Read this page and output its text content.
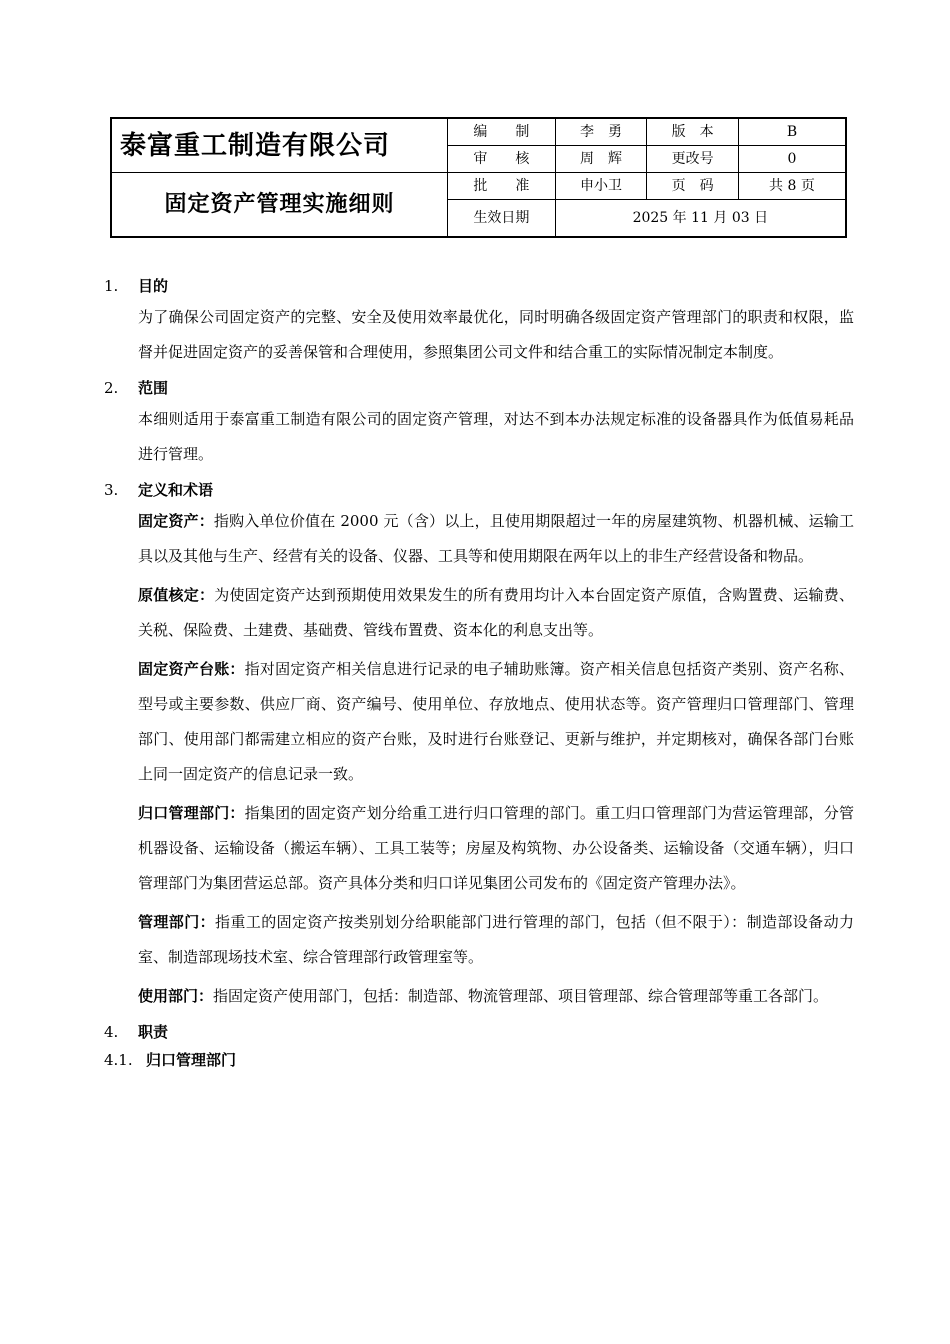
泰富重工制造有限公司	编　　制	李　勇	版　本	B
	审　　核	周　辉	更改号	0
固定资产管理实施细则	批　　准	申小卫	页　码	共 8 页
	生效日期	2025 年 11 月 03 日		
1. 目的
为了确保公司固定资产的完整、安全及使用效率最优化，同时明确各级固定资产管理部门的职责和权限，监督并促进固定资产的妥善保管和合理使用，参照集团公司文件和结合重工的实际情况制定本制度。
2. 范围
本细则适用于泰富重工制造有限公司的固定资产管理，对达不到本办法规定标准的设备器具作为低值易耗品进行管理。
3. 定义和术语
固定资产：指购入单位价值在 2000 元（含）以上，且使用期限超过一年的房屋建筑物、机器机械、运输工具以及其他与生产、经营有关的设备、仪器、工具等和使用期限在两年以上的非生产经营设备和物品。
原值核定：为使固定资产达到预期使用效果发生的所有费用均计入本台固定资产原值，含购置费、运输费、关税、保险费、土建费、基础费、管线布置费、资本化的利息支出等。
固定资产台账：指对固定资产相关信息进行记录的电子辅助账簿。资产相关信息包括资产类别、资产名称、型号或主要参数、供应厂商、资产编号、使用单位、存放地点、使用状态等。资产管理归口管理部门、管理部门、使用部门都需建立相应的资产台账，及时进行台账登记、更新与维护，并定期核对，确保各部门台账上同一固定资产的信息记录一致。
归口管理部门：指集团的固定资产划分给重工进行归口管理的部门。重工归口管理部门为营运管理部，分管机器设备、运输设备（搬运车辆）、工具工装等；房屋及构筑物、办公设备类、运输设备（交通车辆），归口管理部门为集团营运总部。资产具体分类和归口详见集团公司发布的《固定资产管理办法》。
管理部门：指重工的固定资产按类别划分给职能部门进行管理的部门，包括（但不限于）：制造部设备动力室、制造部现场技术室、综合管理部行政管理室等。
使用部门：指固定资产使用部门，包括：制造部、物流管理部、项目管理部、综合管理部等重工各部门。
4. 职责
4.1. 归口管理部门
